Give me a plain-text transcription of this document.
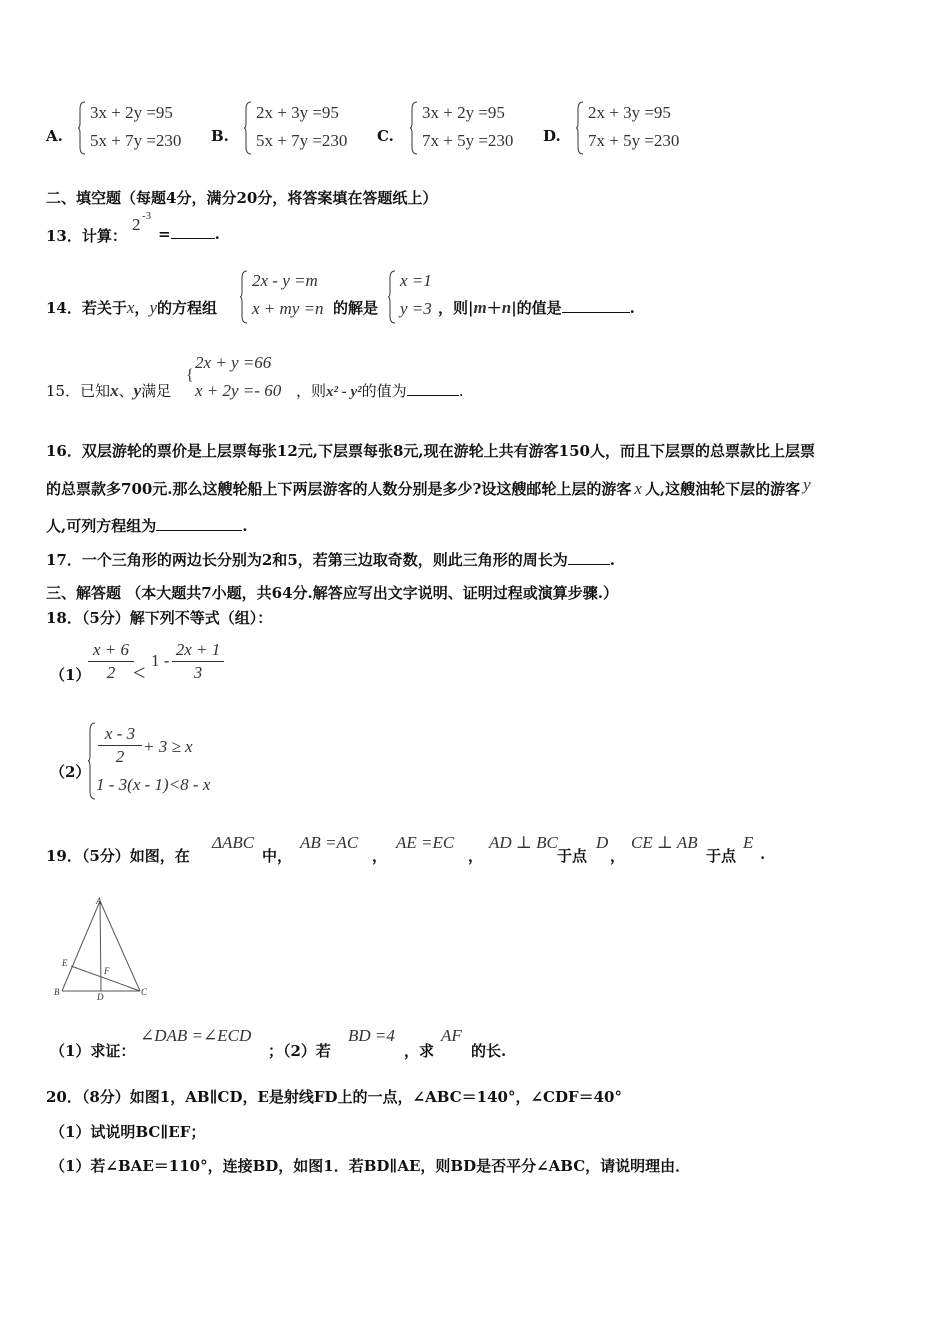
A.
3x + 2y =95
5x + 7y =230 B.
2x + 3y =95
5x + 7y =230 C.
3x + 2y =95
7x + 5y =230 D.
2x + 3y =95
7x + 5y =230
二、填空题（每题4分，满分20分，将答案填在答题纸上）
13．计算：
2 -3
=	.
14．若关于x，y的方程组
2x - y =m
x + my =n 的解是
x =1
y =3 ，则|m＋n|的值是	.
15．已知x、y满足
{
2x + y =66
x + 2y =- 60 ，则x² - y²的值为	.
16．双层游轮的票价是上层票每张12元,下层票每张8元,现在游轮上共有游客150人，而且下层票的总票款比上层票
的总票款多700元.那么这艘轮船上下两层游客的人数分别是多少?设这艘邮轮上层的游客 x 人,这艘油轮下层的游客 y
人,可列方程组为	.
17．一个三角形的两边长分别为2和5，若第三边取奇数，则此三角形的周长为	.
三、解答题 （本大题共7小题，共64分.解答应写出文字说明、证明过程或演算步骤.）
18．（5分）解下列不等式（组）：
（1）
x + 6
2 < 1 -
2x + 1
3
（2）
x - 3
2
+ 3 ≥ x
1 - 3(x - 1)<8 - x
19．（5分）如图，在
ΔABC
中，
AB =AC
，
AE =EC
，
AD ⊥ BC
于点
D
，
CE ⊥ AB
于点
E
.
A
B	C
D
E
F
（1）求证：
∠DAB =∠ECD
；（2）若
BD =4
，求
AF
的长.
20．（8分）如图1，AB∥CD，E是射线FD上的一点，∠ABC＝140°，∠CDF＝40°
（1）试说明BC∥EF；
（1）若∠BAE＝110°，连接BD，如图1．若BD∥AE，则BD是否平分∠ABC，请说明理由．
